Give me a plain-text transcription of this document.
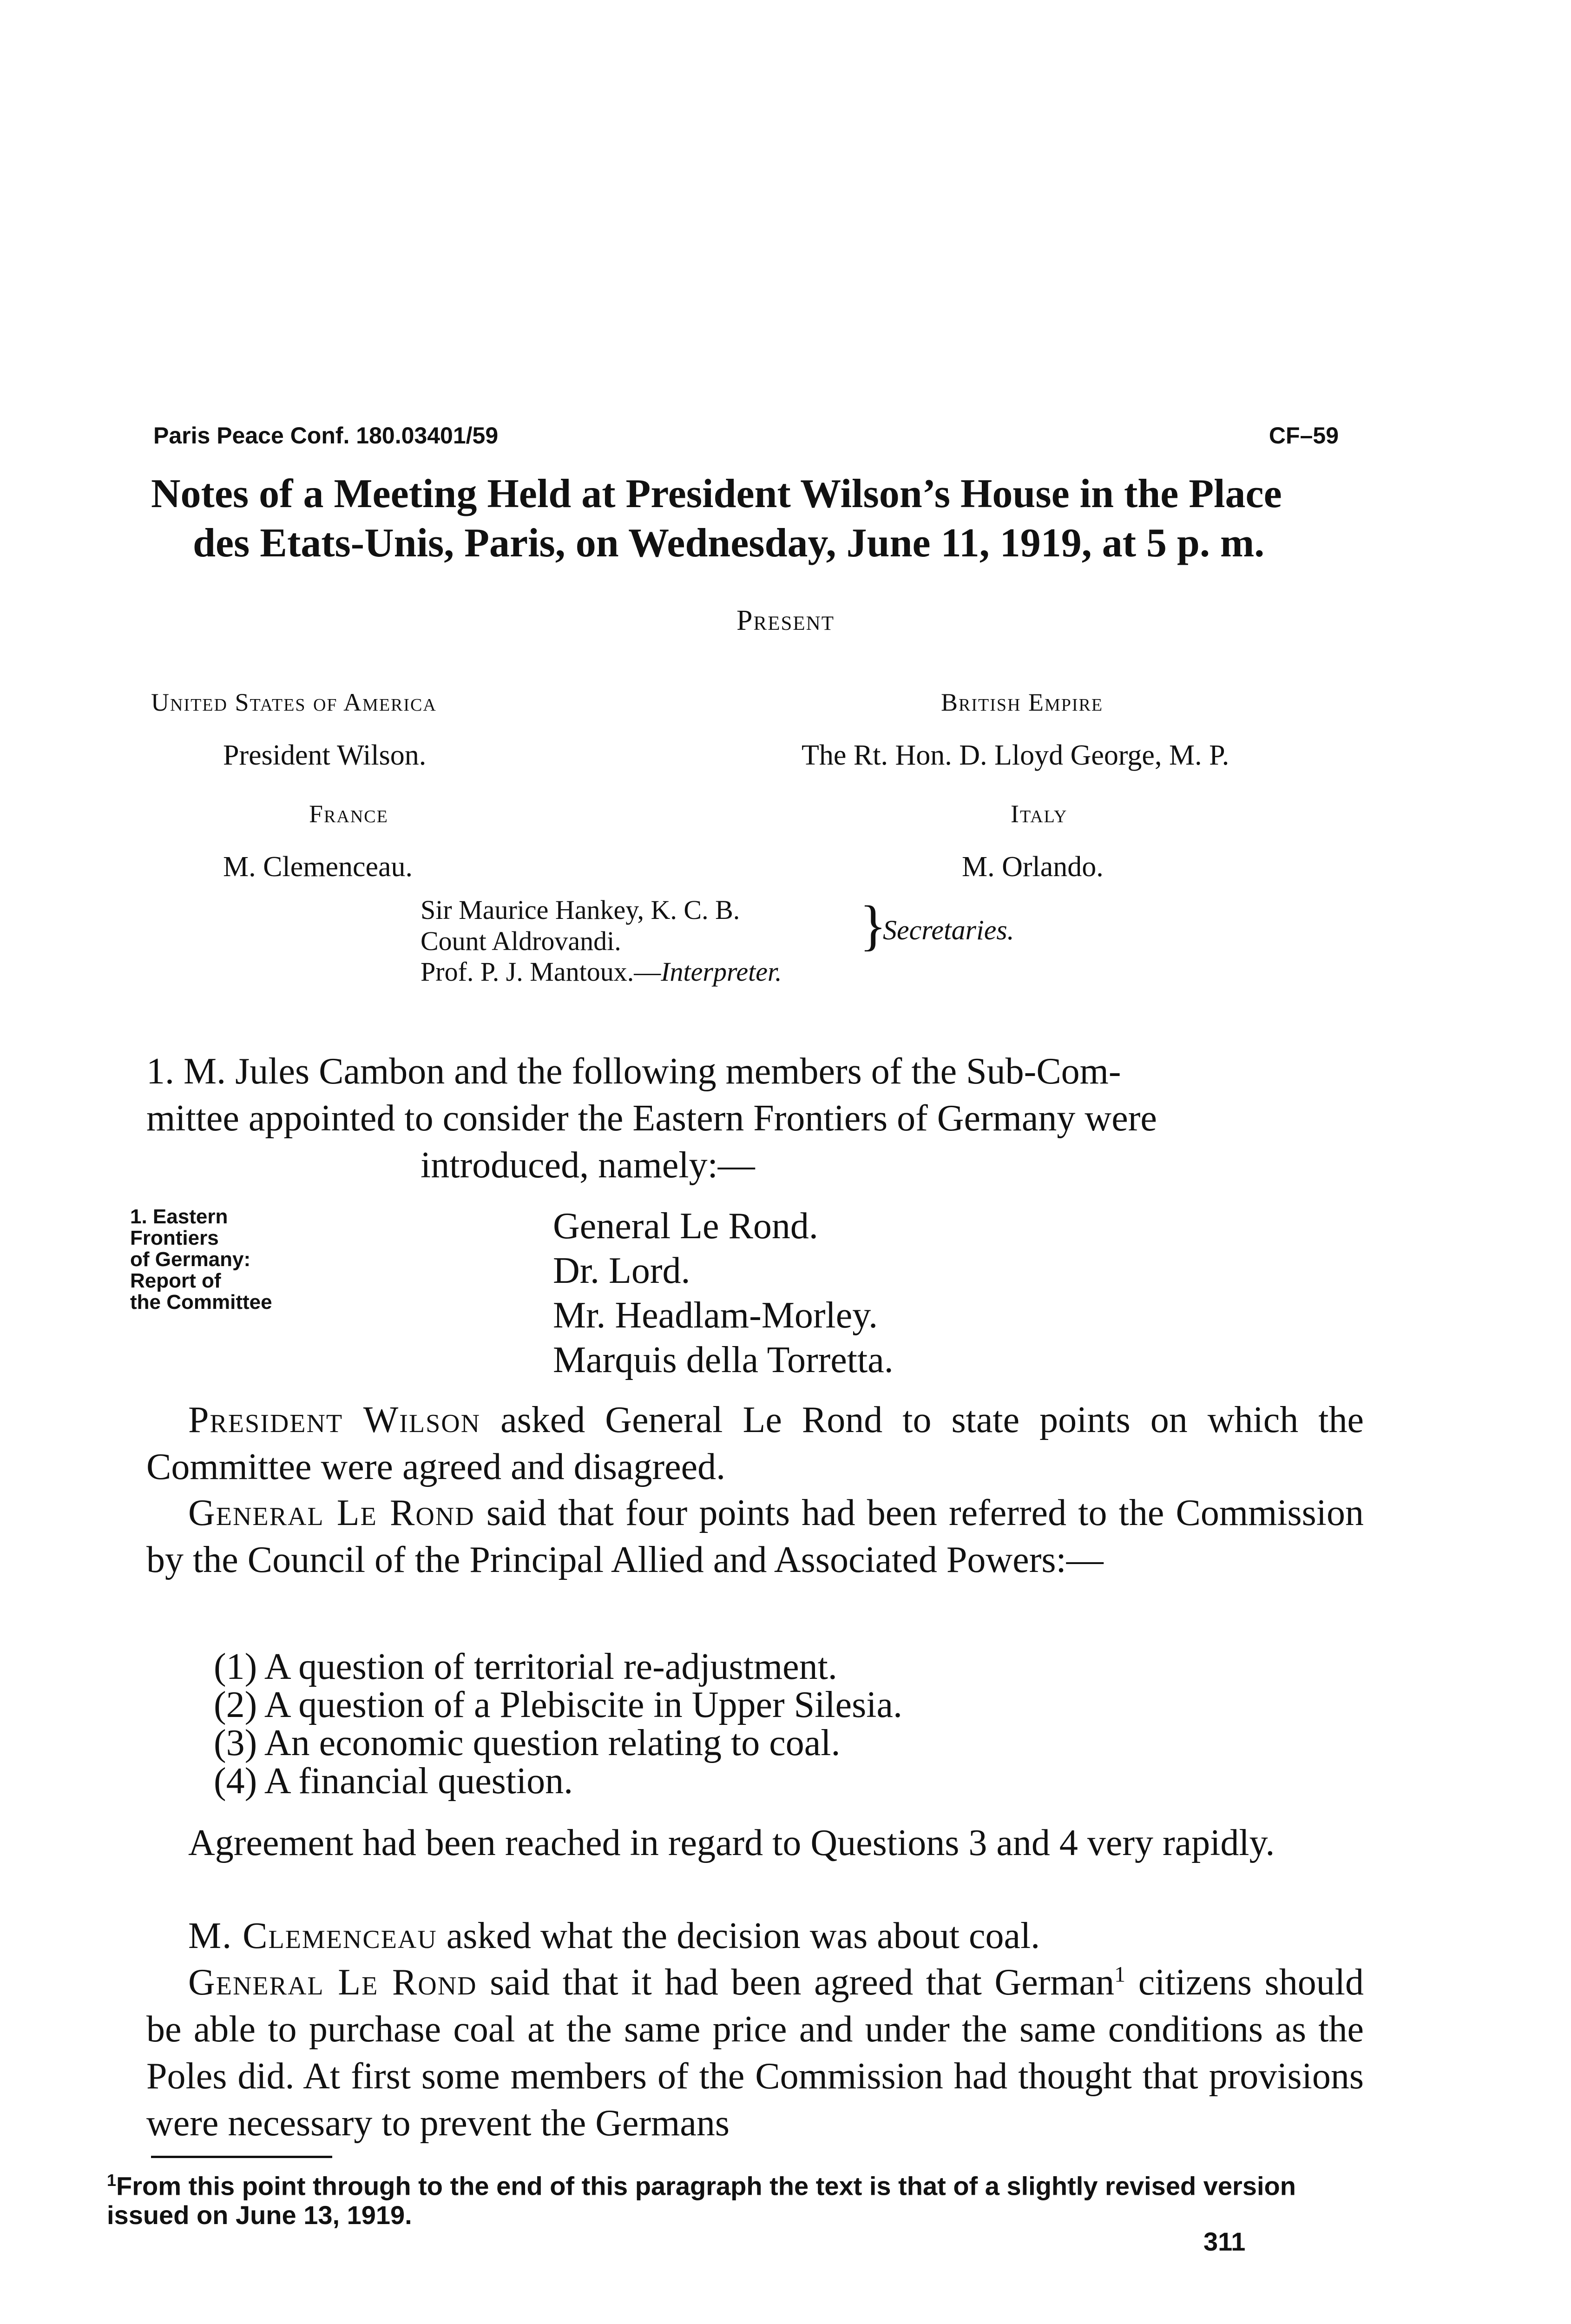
Paris Peace Conf. 180.03401/59	CF–59
Notes of a Meeting Held at President Wilson’s House in the Place
des Etats-Unis, Paris, on Wednesday, June 11, 1919, at 5 p. m.
Present
United States of America
President Wilson.
British Empire
The Rt. Hon. D. Lloyd George, M. P.
France
M. Clemenceau.
Italy
M. Orlando.
Sir Maurice Hankey, K. C. B.
Count Aldrovandi.
Prof. P. J. Mantoux.—Interpreter.
}
Secretaries.
1. M. Jules Cambon and the following members of the Sub-Com-
mittee appointed to consider the Eastern Frontiers of Germany were
introduced, namely:—
1. Eastern
Frontiers
of Germany:
Report of
the Committee
General Le Rond.
Dr. Lord.
Mr. Headlam-Morley.
Marquis della Torretta.
President Wilson asked General Le Rond to state points on which the Committee were agreed and disagreed.
General Le Rond said that four points had been referred to the Commission by the Council of the Principal Allied and Associated Powers:—
(1) A question of territorial re-adjustment.
(2) A question of a Plebiscite in Upper Silesia.
(3) An economic question relating to coal.
(4) A financial question.
Agreement had been reached in regard to Questions 3 and 4 very rapidly.
M. Clemenceau asked what the decision was about coal.
General Le Rond said that it had been agreed that German$^1$ citizens should be able to purchase coal at the same price and under the same conditions as the Poles did. At first some members of the Commission had thought that provisions were necessary to prevent the Germans
$^1$From this point through to the end of this paragraph the text is that of a slightly revised version issued on June 13, 1919.
311
